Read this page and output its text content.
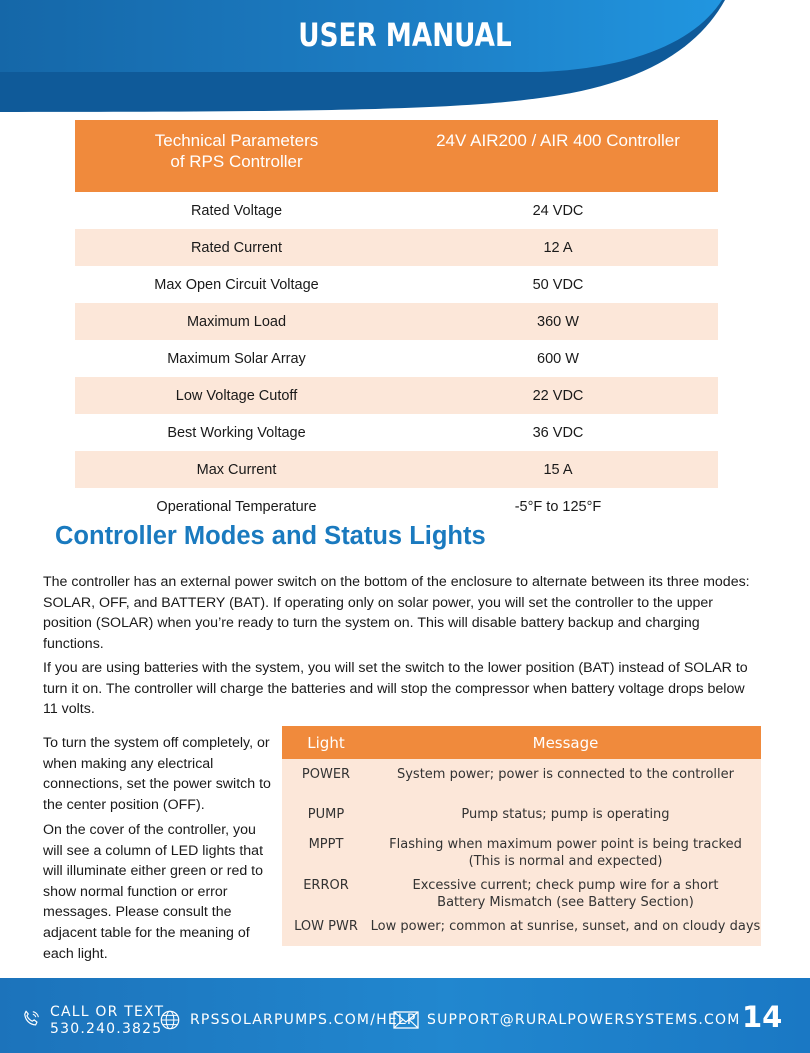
USER MANUAL
Technical Parameters
of RPS Controller	24V AIR200 / AIR 400 Controller
Rated Voltage	24 VDC
Rated Current	12 A
Max Open Circuit Voltage	50 VDC
Maximum Load	360 W
Maximum Solar Array	600 W
Low Voltage Cutoff	22 VDC
Best Working Voltage	36 VDC
Max Current	15 A
Operational Temperature	-5°F to 125°F
Controller Modes and Status Lights

The controller has an external power switch on the bottom of the enclosure to alternate between its three modes: SOLAR, OFF, and BATTERY (BAT). If operating only on solar power, you will set the controller to the upper position (SOLAR) when you’re ready to turn the system on. This will disable battery backup and charging functions.

If you are using batteries with the system, you will set the switch to the lower position (BAT) instead of SOLAR to turn it on. The controller will charge the batteries and will stop the compressor when battery voltage drops below 11 volts.

To turn the system off completely, or when making any electrical connections, set the power switch to the center position (OFF).

On the cover of the controller, you will see a column of LED lights that will illuminate either green or red to show normal function or error messages. Please consult the adjacent table for the meaning of each light.

Light	Message
POWER	System power; power is connected to the controller
PUMP	Pump status; pump is operating
MPPT	Flashing when maximum power point is being tracked
(This is normal and expected)
ERROR	Excessive current; check pump wire for a short
Battery Mismatch (see Battery Section)
LOW PWR	Low power; common at sunrise, sunset, and on cloudy days
CALL OR TEXT
530.240.3825
RPSSOLARPUMPS.COM/HELP SUPPORT@RURALPOWERSYSTEMS.COM 14
